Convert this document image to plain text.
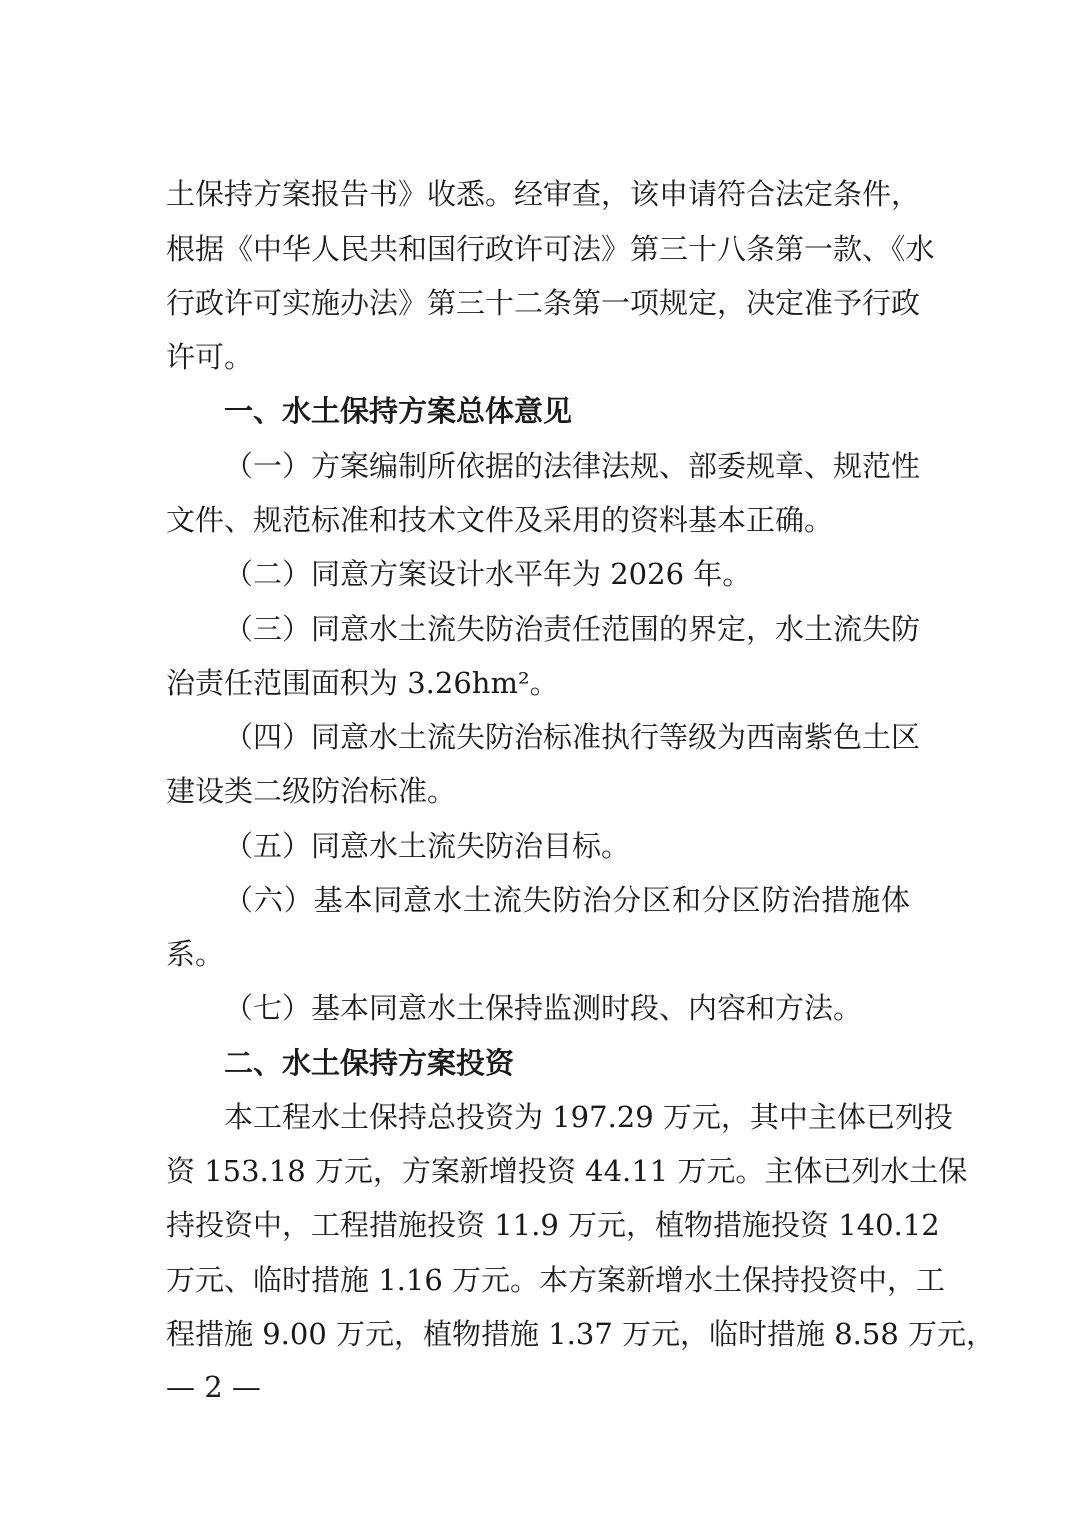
土保持方案报告书》收悉。经审查，该申请符合法定条件，
根据《中华人民共和国行政许可法》第三十八条第一款、《水
行政许可实施办法》第三十二条第一项规定，决定准予行政
许可。
一、水土保持方案总体意见
（一）方案编制所依据的法律法规、部委规章、规范性
文件、规范标准和技术文件及采用的资料基本正确。
（二）同意方案设计水平年为 2026 年。
（三）同意水土流失防治责任范围的界定，水土流失防
治责任范围面积为 3.26hm²。
（四）同意水土流失防治标准执行等级为西南紫色土区
建设类二级防治标准。
（五）同意水土流失防治目标。
（六）基本同意水土流失防治分区和分区防治措施体
系。
（七）基本同意水土保持监测时段、内容和方法。
二、水土保持方案投资
本工程水土保持总投资为 197.29 万元，其中主体已列投
资 153.18 万元，方案新增投资 44.11 万元。主体已列水土保
持投资中，工程措施投资 11.9 万元，植物措施投资 140.12
万元、临时措施 1.16 万元。本方案新增水土保持投资中，工
程措施 9.00 万元，植物措施 1.37 万元，临时措施 8.58 万元，
— 2 —
